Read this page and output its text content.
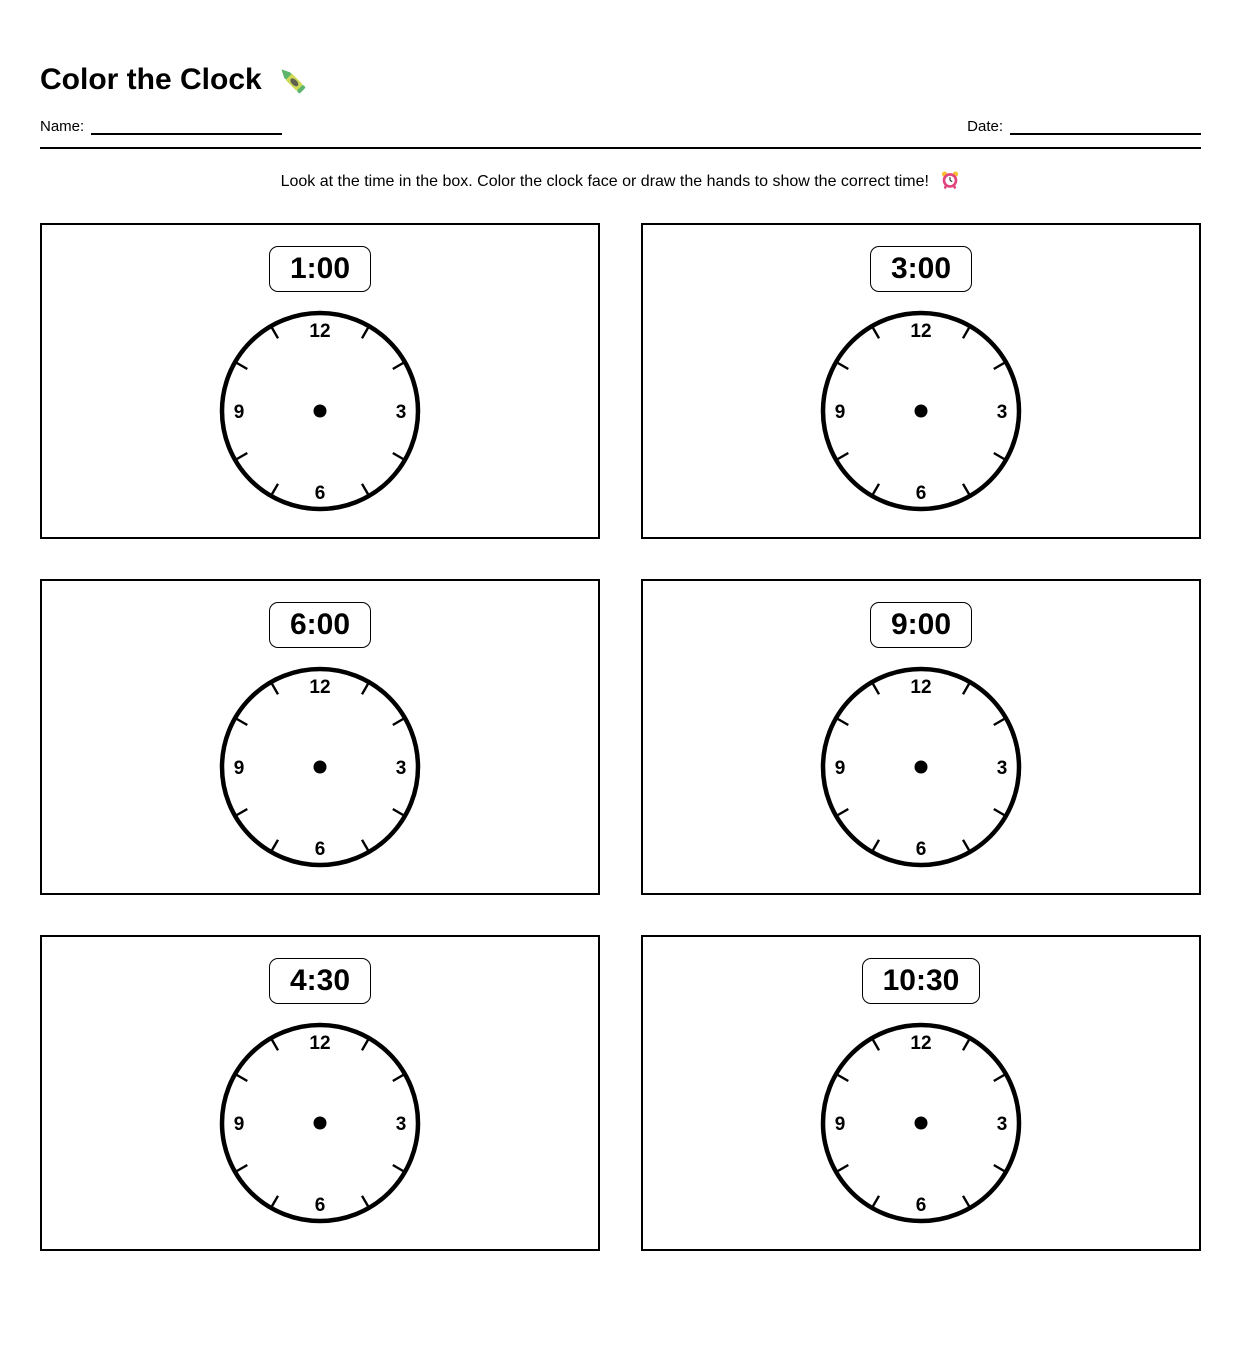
Color the Clock
Name:	Date:

Look at the time in the box. Color the clock face or draw the hands to show the correct time!

1:00
12
3
6
9
3:00
12
3
6
9
6:00
12
3
6
9
9:00
12
3
6
9
4:30
12
3
6
9
10:30
12
3
6
9
